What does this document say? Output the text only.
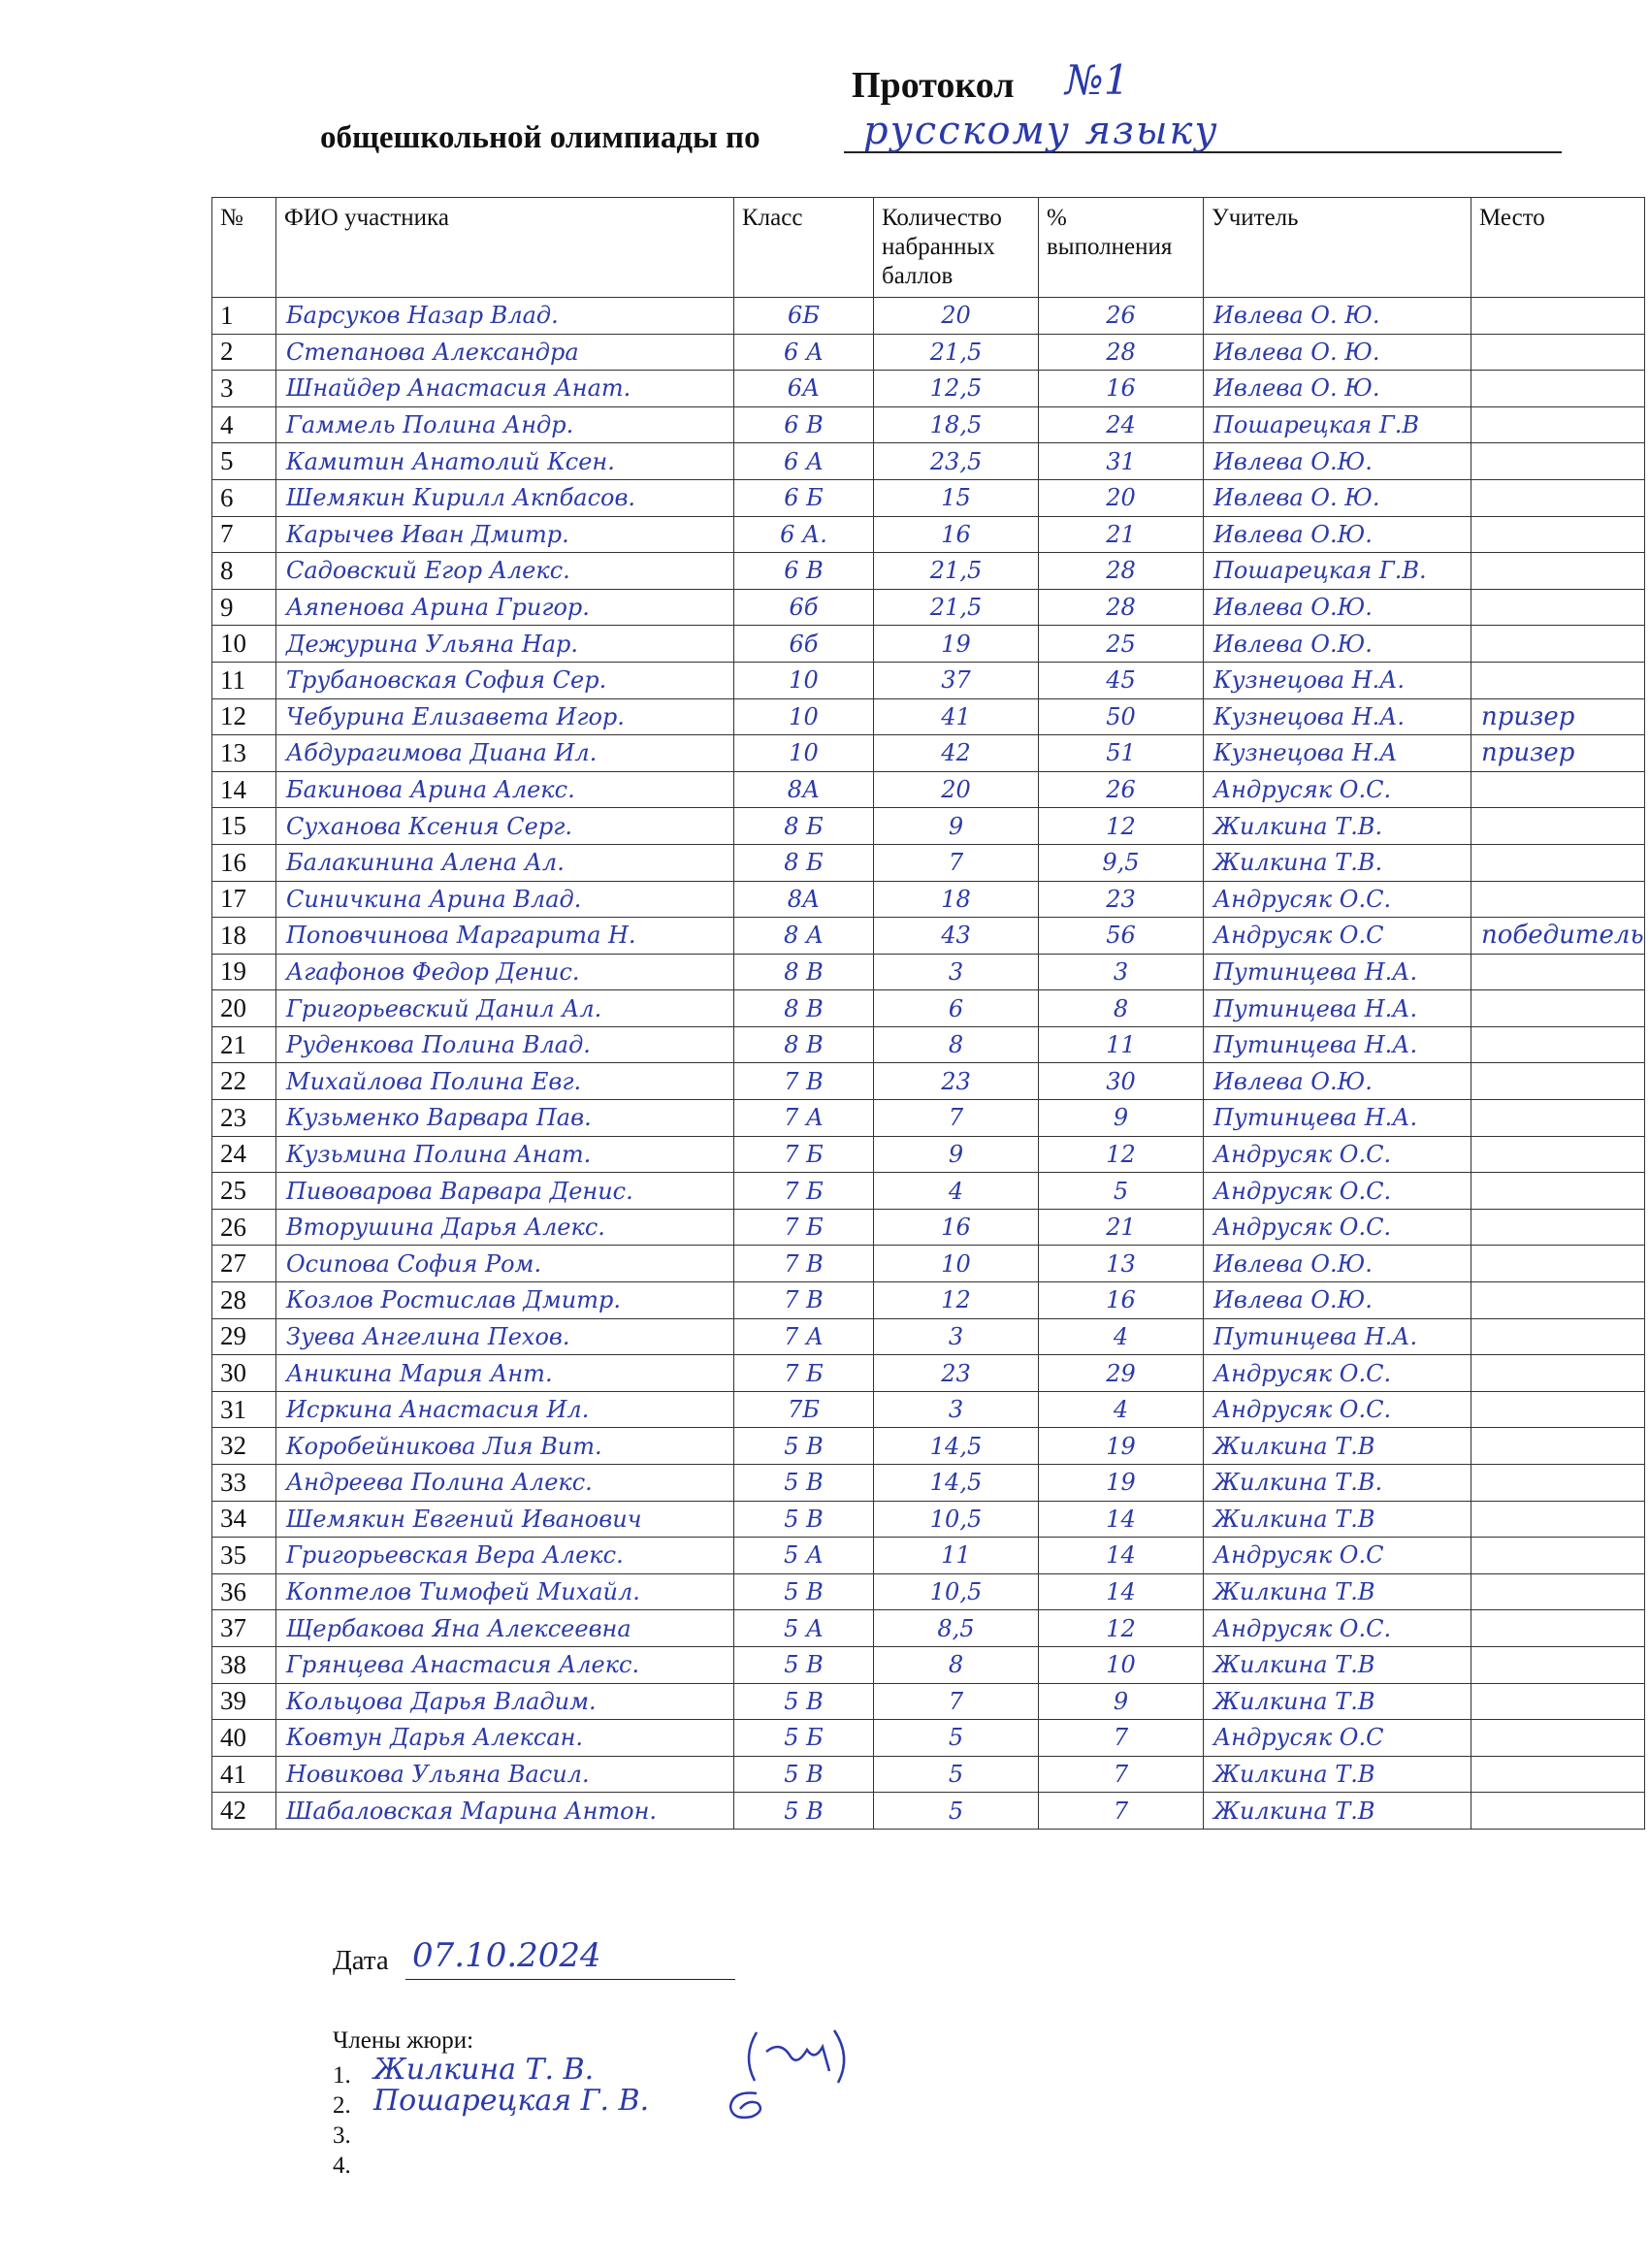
Протокол №1
общешкольной олимпиады по	русскому языку
№	ФИО участника	Класс	Количество набранных баллов	% выполнения	Учитель	Место
1	Барсуков Назар Влад.	6Б	20	26	Ивлева О. Ю.	
2	Степанова Александра	6 А	21,5	28	Ивлева О. Ю.	
3	Шнайдер Анастасия Анат.	6А	12,5	16	Ивлева О. Ю.	
4	Гаммель Полина Андр.	6 В	18,5	24	Пошарецкая Г.В	
5	Камитин Анатолий Ксен.	6 А	23,5	31	Ивлева О.Ю.	
6	Шемякин Кирилл Акпбасов.	6 Б	15	20	Ивлева О. Ю.	
7	Карычев Иван Дмитр.	6 А.	16	21	Ивлева О.Ю.	
8	Садовский Егор Алекс.	6 В	21,5	28	Пошарецкая Г.В.	
9	Аяпенова Арина Григор.	6б	21,5	28	Ивлева О.Ю.	
10	Дежурина Ульяна Нар.	6б	19	25	Ивлева О.Ю.	
11	Трубановская София Сер.	10	37	45	Кузнецова Н.А.	
12	Чебурина Елизавета Игор.	10	41	50	Кузнецова Н.А.	призер
13	Абдурагимова Диана Ил.	10	42	51	Кузнецова Н.А	призер
14	Бакинова Арина Алекс.	8А	20	26	Андрусяк О.С.	
15	Суханова Ксения Серг.	8 Б	9	12	Жилкина Т.В.	
16	Балакинина Алена Ал.	8 Б	7	9,5	Жилкина Т.В.	
17	Синичкина Арина Влад.	8А	18	23	Андрусяк О.С.	
18	Поповчинова Маргарита Н.	8 А	43	56	Андрусяк О.С	победитель
19	Агафонов Федор Денис.	8 В	3	3	Путинцева Н.А.	
20	Григорьевский Данил Ал.	8 В	6	8	Путинцева Н.А.	
21	Руденкова Полина Влад.	8 В	8	11	Путинцева Н.А.	
22	Михайлова Полина Евг.	7 В	23	30	Ивлева О.Ю.	
23	Кузьменко Варвара Пав.	7 А	7	9	Путинцева Н.А.	
24	Кузьмина Полина Анат.	7 Б	9	12	Андрусяк О.С.	
25	Пивоварова Варвара Денис.	7 Б	4	5	Андрусяк О.С.	
26	Вторушина Дарья Алекс.	7 Б	16	21	Андрусяк О.С.	
27	Осипова София Ром.	7 В	10	13	Ивлева О.Ю.	
28	Козлов Ростислав Дмитр.	7 В	12	16	Ивлева О.Ю.	
29	Зуева Ангелина Пехов.	7 А	3	4	Путинцева Н.А.	
30	Аникина Мария Ант.	7 Б	23	29	Андрусяк О.С.	
31	Исркина Анастасия Ил.	7Б	3	4	Андрусяк О.С.	
32	Коробейникова Лия Вит.	5 В	14,5	19	Жилкина Т.В	
33	Андреева Полина Алекс.	5 В	14,5	19	Жилкина Т.В.	
34	Шемякин Евгений Иванович	5 В	10,5	14	Жилкина Т.В	
35	Григорьевская Вера Алекс.	5 А	11	14	Андрусяк О.С	
36	Коптелов Тимофей Михайл.	5 В	10,5	14	Жилкина Т.В	
37	Щербакова Яна Алексеевна	5 А	8,5	12	Андрусяк О.С.	
38	Грянцева Анастасия Алекс.	5 В	8	10	Жилкина Т.В	
39	Кольцова Дарья Владим.	5 В	7	9	Жилкина Т.В	
40	Ковтун Дарья Алексан.	5 Б	5	7	Андрусяк О.С	
41	Новикова Ульяна Васил.	5 В	5	7	Жилкина Т.В	
42	Шабаловская Марина Антон.	5 В	5	7	Жилкина Т.В	
Дата 07.10.2024
Члены жюри:
1.
2.
3.
4.
Жилкина Т. В.
Пошарецкая Г. В.
